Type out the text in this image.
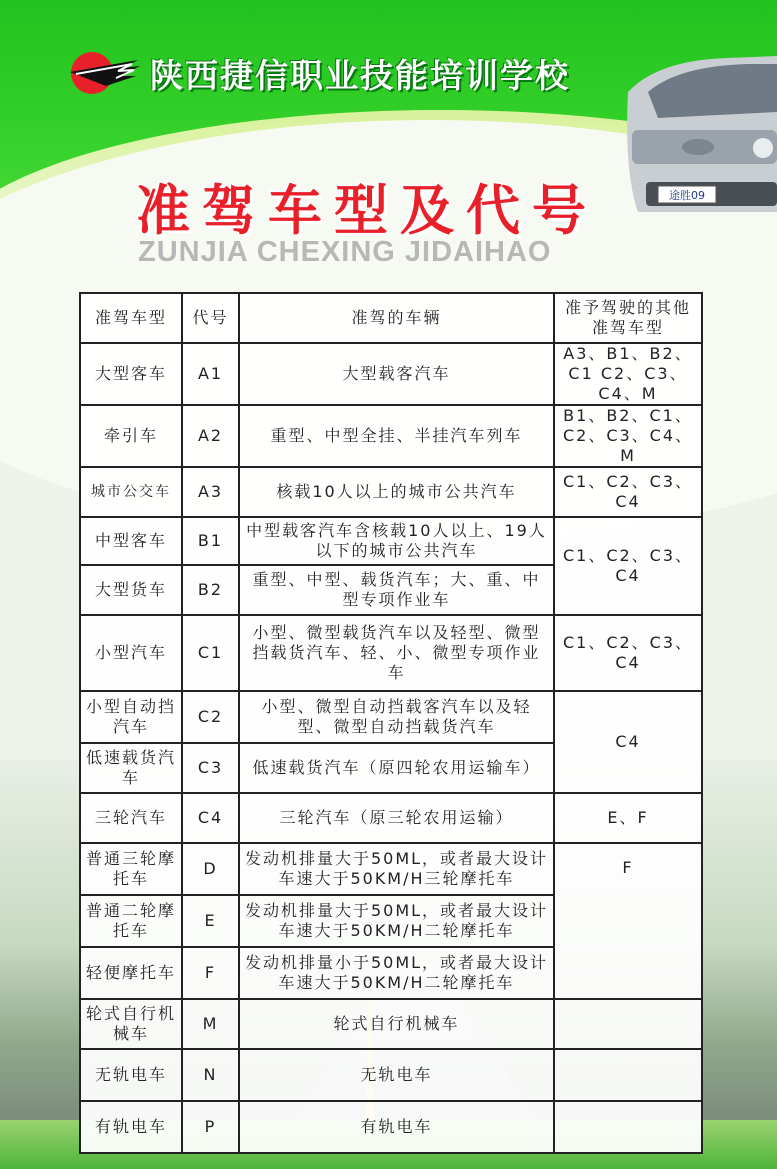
陕西捷信职业技能培训学校
途胜09
准驾车型及代号
ZUNJIA CHEXING JIDAIHAO
准驾车型	代号	准驾的车辆	准予驾驶的其他准驾车型
大型客车	A1	大型载客汽车	A3、B1、B2、C1 C2、C3、C4、M
牵引车	A2	重型、中型全挂、半挂汽车列车	B1、B2、C1、C2、C3、C4、M
城市公交车	A3	核载10人以上的城市公共汽车	C1、C2、C3、C4
中型客车	B1	中型载客汽车含核载10人以上、19人以下的城市公共汽车	C1、C2、C3、C4
大型货车	B2	重型、中型、载货汽车；大、重、中型专项作业车	
小型汽车	C1	小型、微型载货汽车以及轻型、微型挡载货汽车、轻、小、微型专项作业车	C1、C2、C3、C4
小型自动挡汽车	C2	小型、微型自动挡载客汽车以及轻型、微型自动挡载货汽车	C4
低速载货汽车	C3	低速载货汽车（原四轮农用运输车）	
三轮汽车	C4	三轮汽车（原三轮农用运输）	E、F
普通三轮摩托车	D	发动机排量大于50ML，或者最大设计车速大于50KM/H三轮摩托车	F
普通二轮摩托车	E	发动机排量大于50ML，或者最大设计车速大于50KM/H二轮摩托车	
轻便摩托车	F	发动机排量小于50ML，或者最大设计车速大于50KM/H二轮摩托车	
轮式自行机械车	M	轮式自行机械车	
无轨电车	N	无轨电车	
有轨电车	P	有轨电车	
